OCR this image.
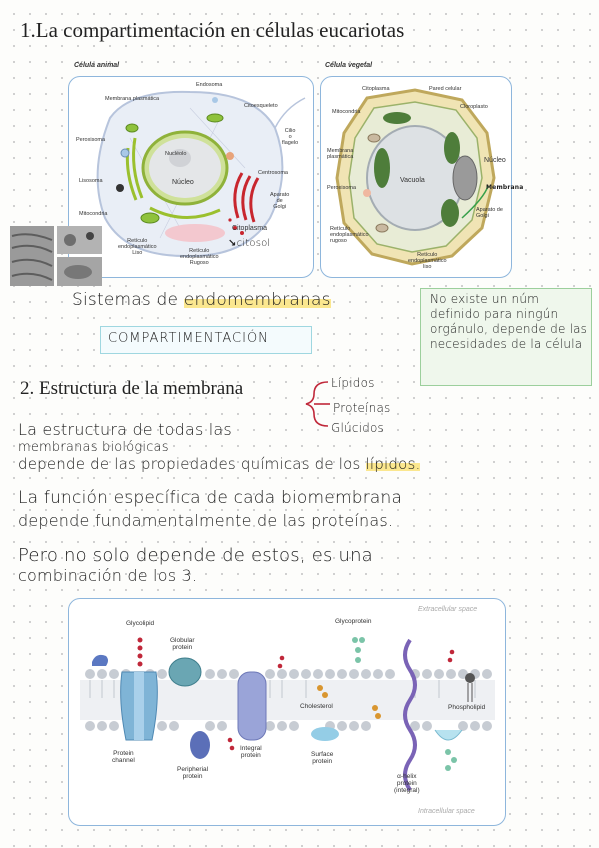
1.La compartimentación en células eucariotas
Célula animal
Membrana plasmática
Endosoma
Citoesqueleto
Cilio
o
flagelo
Peroxisoma
Nucléolo
Núcleo
Centrosoma
Lisosoma
Aparato
de
Golgi
Mitocondria
Citoplasma
Retículo
endoplasmático
Liso	Retículo
endoplasmático
Rugoso
↘citosol
Célula vegetal
Citoplasma	Pared celular
Mitocondria
Cloroplasto
Membrana
plasmática
Vacuola
Núcleo
Peroxisoma	Membrana
Aparato de
Golgi
Retículo
endoplasmático
rugoso
Retículo
endoplasmático
liso
Sistemas de endomembranas
COMPARTIMENTACIÓN
No existe un núm definido para ningún orgánulo, depende de las necesidades de la célula
2. Estructura de la membrana	Lípidos
Proteínas
Glúcidos
La estructura de todas las
membranas biológicas
depende de las propiedades químicas de los lípidos.
La función específica de cada biomembrana
depende fundamentalmente de las proteínas.
Pero no solo depende de estos, es una
combinación de los 3.
Extracellular space
Intracellular space
Glycolipid
Globular
protein
Glycoprotein
Cholesterol	Phospholipid
Protein
channel
Peripherial
protein
Integral
protein	Surface
protein
α-helix
protein
(integral)
